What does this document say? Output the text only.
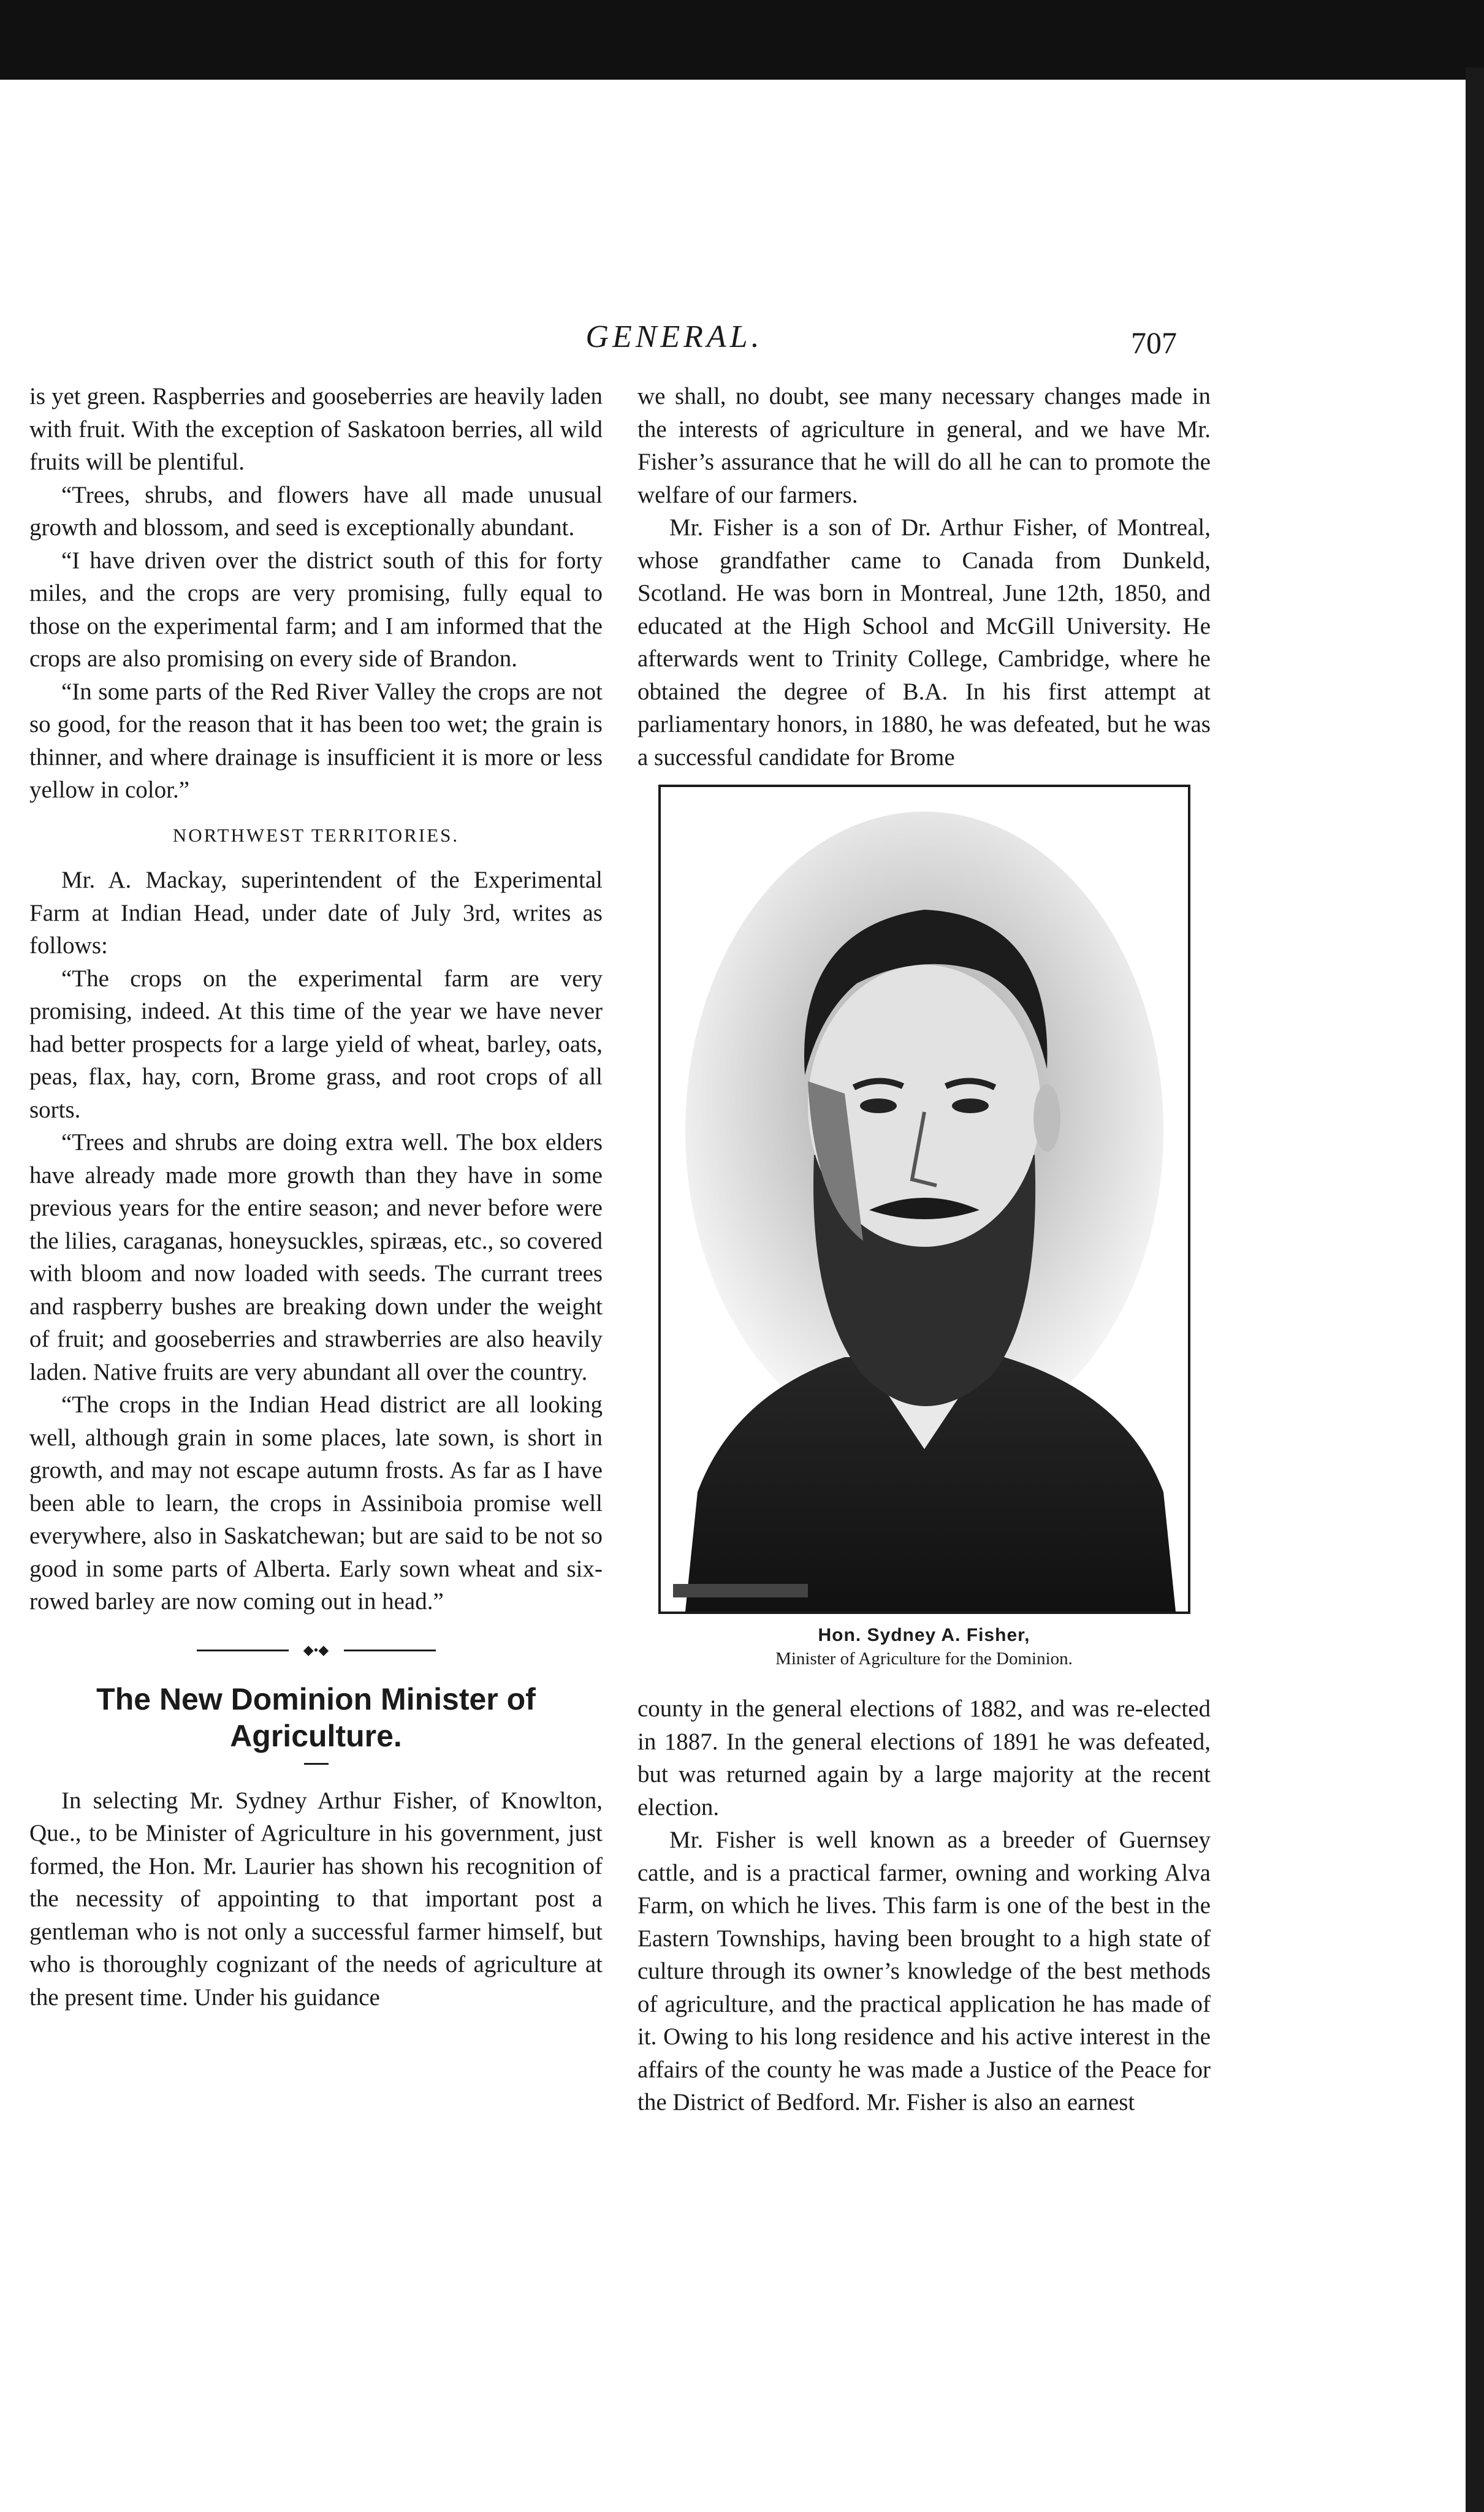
GENERAL.	707

is yet green. Raspberries and gooseberries are heavily laden with fruit. With the exception of Saskatoon berries, all wild fruits will be plentiful.

“Trees, shrubs, and flowers have all made unusual growth and blossom, and seed is exceptionally abundant.

“I have driven over the district south of this for forty miles, and the crops are very promising, fully equal to those on the experimental farm; and I am informed that the crops are also promising on every side of Brandon.

“In some parts of the Red River Valley the crops are not so good, for the reason that it has been too wet; the grain is thinner, and where drainage is insufficient it is more or less yellow in color.”

NORTHWEST TERRITORIES.

Mr. A. Mackay, superintendent of the Experimental Farm at Indian Head, under date of July 3rd, writes as follows:

“The crops on the experimental farm are very promising, indeed. At this time of the year we have never had better prospects for a large yield of wheat, barley, oats, peas, flax, hay, corn, Brome grass, and root crops of all sorts.

“Trees and shrubs are doing extra well. The box elders have already made more growth than they have in some previous years for the entire season; and never before were the lilies, caraganas, honeysuckles, spiræas, etc., so covered with bloom and now loaded with seeds. The currant trees and raspberry bushes are breaking down under the weight of fruit; and gooseberries and strawberries are also heavily laden. Native fruits are very abundant all over the country.

“The crops in the Indian Head district are all looking well, although grain in some places, late sown, is short in growth, and may not escape autumn frosts. As far as I have been able to learn, the crops in Assiniboia promise well everywhere, also in Saskatchewan; but are said to be not so good in some parts of Alberta. Early sown wheat and six-rowed barley are now coming out in head.”

◆•◆
The New Dominion Minister of Agriculture.

In selecting Mr. Sydney Arthur Fisher, of Knowlton, Que., to be Minister of Agriculture in his government, just formed, the Hon. Mr. Laurier has shown his recognition of the necessity of appointing to that important post a gentleman who is not only a successful farmer himself, but who is thoroughly cognizant of the needs of agriculture at the present time. Under his guidance

we shall, no doubt, see many necessary changes made in the interests of agriculture in general, and we have Mr. Fisher’s assurance that he will do all he can to promote the welfare of our farmers.

Mr. Fisher is a son of Dr. Arthur Fisher, of Montreal, whose grandfather came to Canada from Dunkeld, Scotland. He was born in Montreal, June 12th, 1850, and educated at the High School and McGill University. He afterwards went to Trinity College, Cambridge, where he obtained the degree of B.A. In his first attempt at parliamentary honors, in 1880, he was defeated, but he was a successful candidate for Brome

Hon. Sydney A. Fisher,
Minister of Agriculture for the Dominion.

county in the general elections of 1882, and was re-elected in 1887. In the general elections of 1891 he was defeated, but was returned again by a large majority at the recent election.

Mr. Fisher is well known as a breeder of Guernsey cattle, and is a practical farmer, owning and working Alva Farm, on which he lives. This farm is one of the best in the Eastern Townships, having been brought to a high state of culture through its owner’s knowledge of the best methods of agriculture, and the practical application he has made of it. Owing to his long residence and his active interest in the affairs of the county he was made a Justice of the Peace for the District of Bedford. Mr. Fisher is also an earnest
